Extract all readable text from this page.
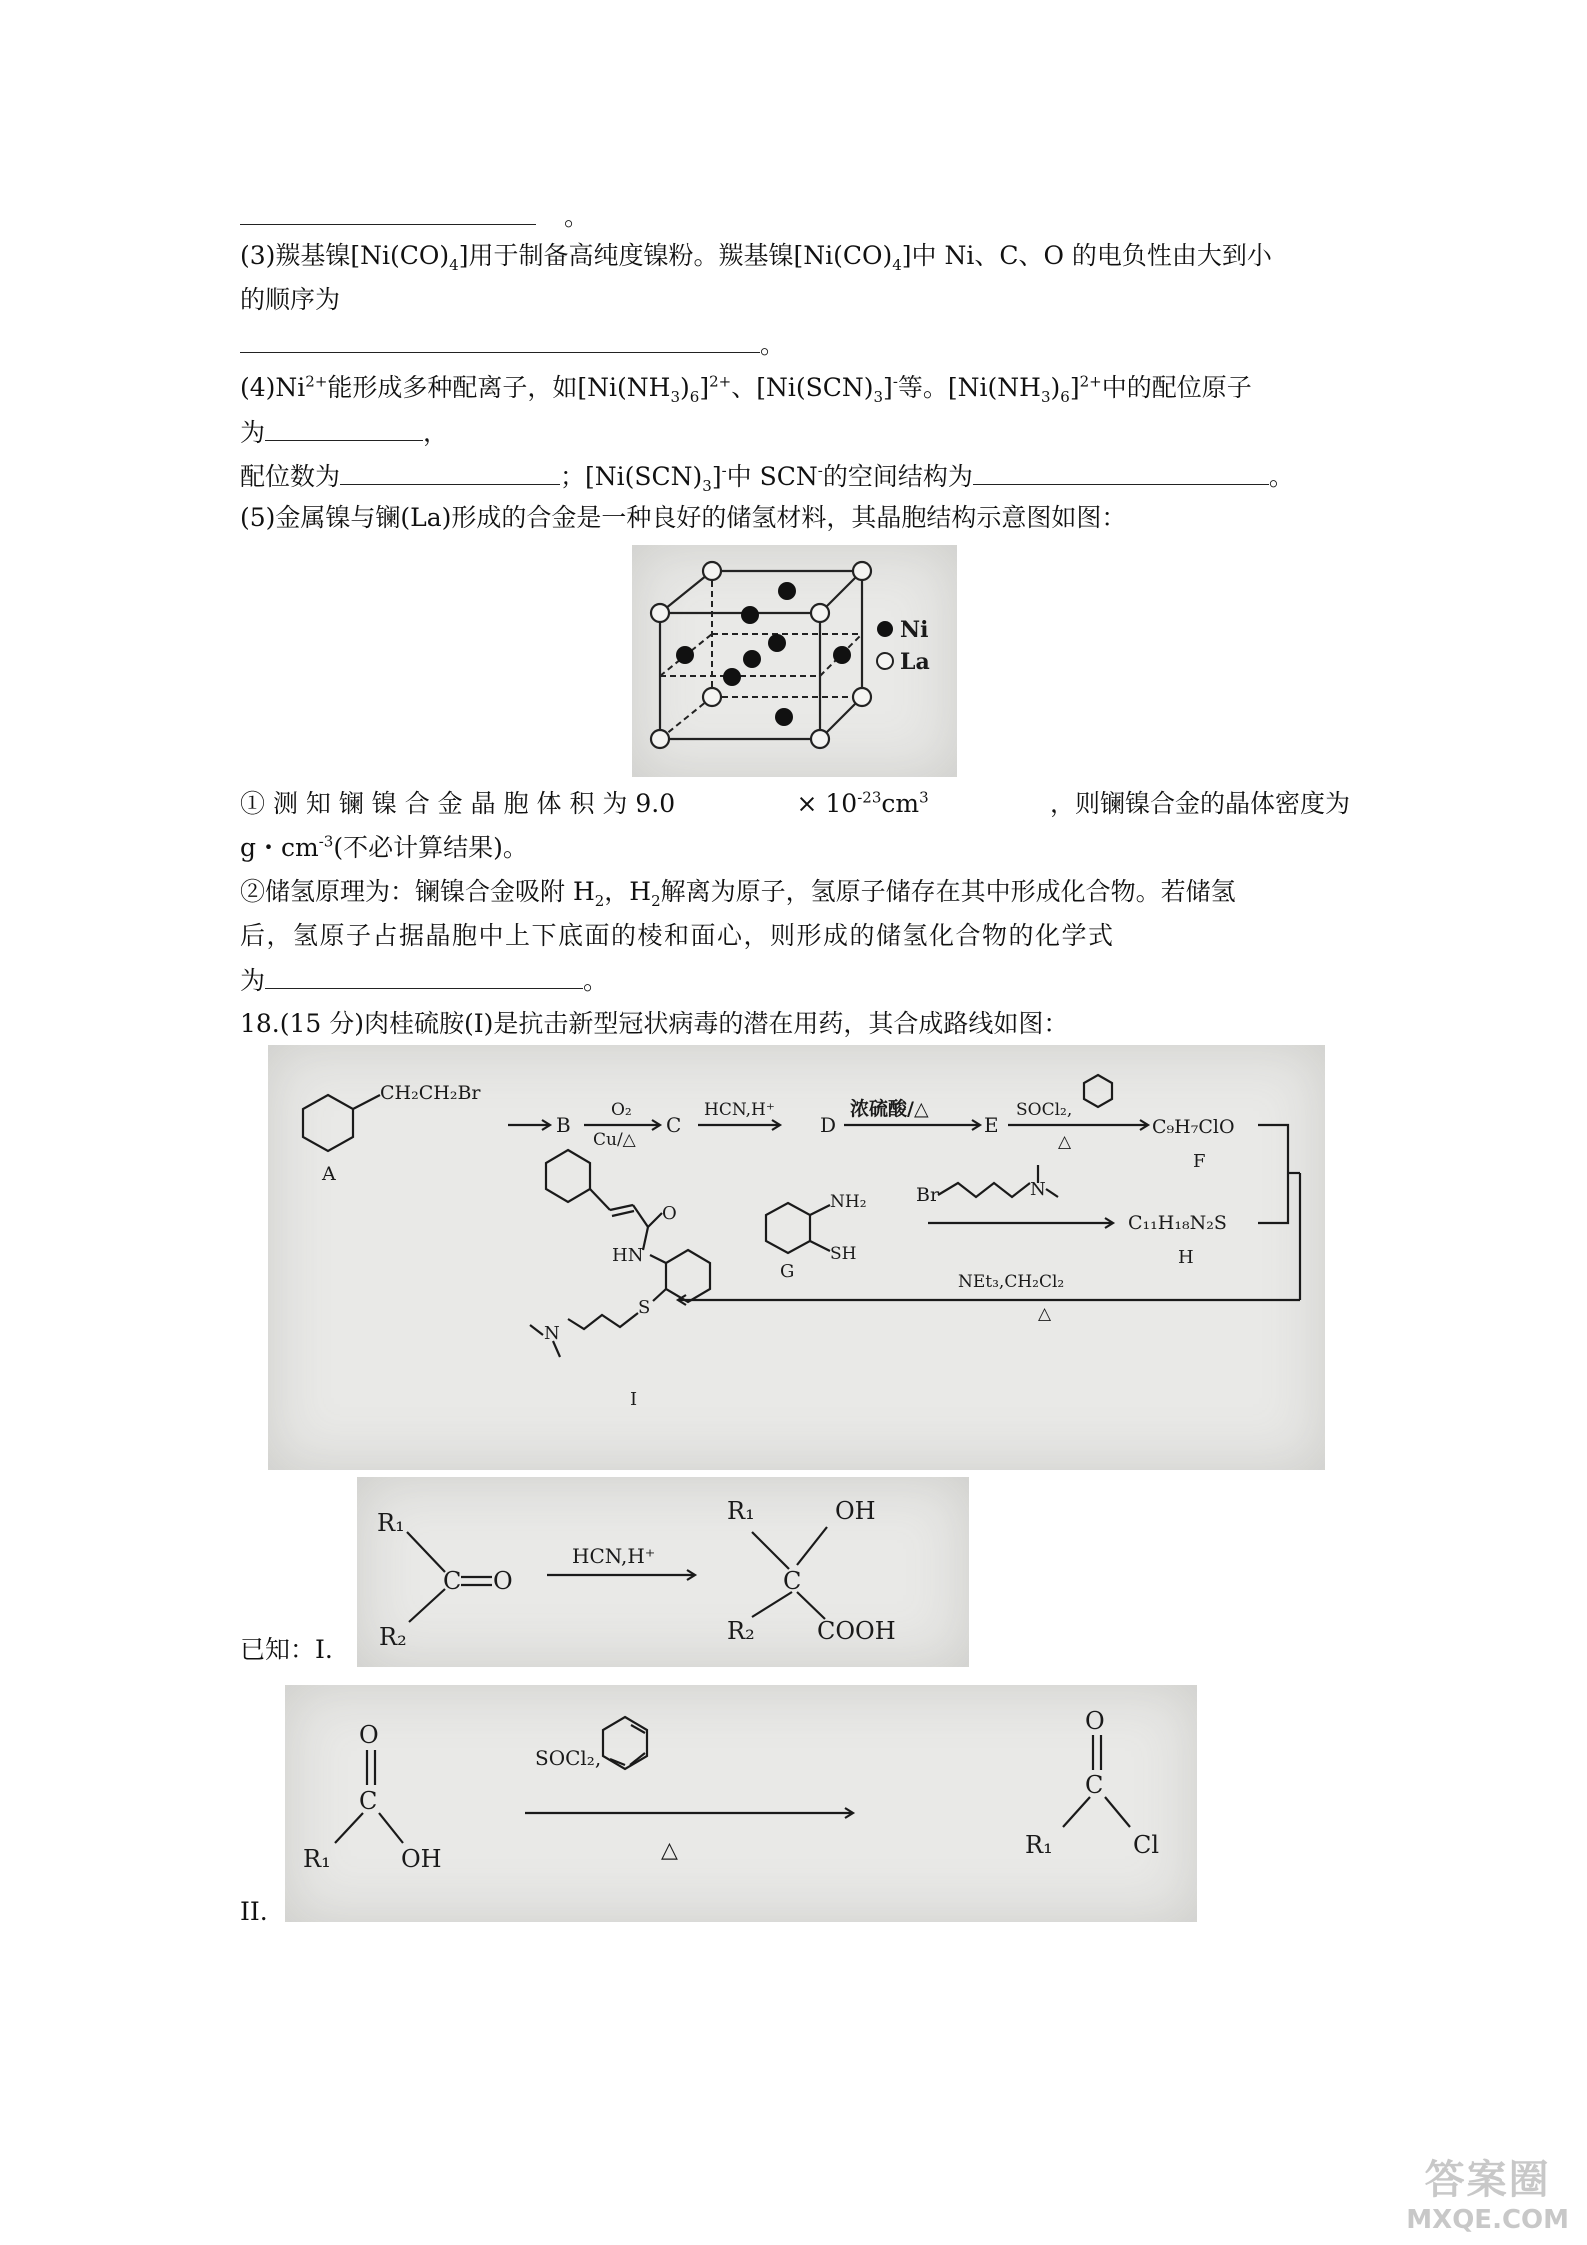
。
(3)羰基镍$[Ni(CO)_4]$用于制备高纯度镍粉。羰基镍$[Ni(CO)_4]$中 Ni、C、O 的电负性由大到小
的顺序为
。
$(4)Ni^{2+}$能形成多种配离子，如$[Ni(NH_3)_6]^{2+}$、$[Ni(SCN)_3]^-$等。$[Ni(NH_3)_6]^{2+}$中的配位原子
为	，
配位数为	；$[Ni(SCN)_3]^-$中 SCN-的空间结构为	。
(5)金属镍与镧(La)形成的合金是一种良好的储氢材料，其晶胞结构示意图如图：
Ni
La
① 测 知 镧 镍 合 金 晶 胞 体 积 为 9.0	× $10^{-23}cm^3$	，则镧镍合金的晶体密度为
g・$cm^{-3}$(不必计算结果)。
②储氢原理为：镧镍合金吸附 $H_2$，$H_2$解离为原子，氢原子储存在其中形成化合物。若储氢
后，氢原子占据晶胞中上下底面的棱和面心，则形成的储氢化合物的化学式
为	。
18.(15 分)肉桂硫胺(I)是抗击新型冠状病毒的潜在用药，其合成路线如图：
CH₂CH₂Br
A
B
O₂
Cu/△
C
HCN,H⁺
D
浓硫酸/△
E
SOCl₂,
△
C₉H₇ClO
F
NH₂
SH
G
Br	N
C₁₁H₁₈N₂S
H
NEt₃,CH₂Cl₂
△
O
HN
S
N
I
已知：I.
R₁
C O
R₂
HCN,H⁺
R₁	OH
C
R₂	COOH
II.
O
C
R₁	OH
SOCl₂,
△
O
C
R₁	Cl
答案圈
MXQE.COM
